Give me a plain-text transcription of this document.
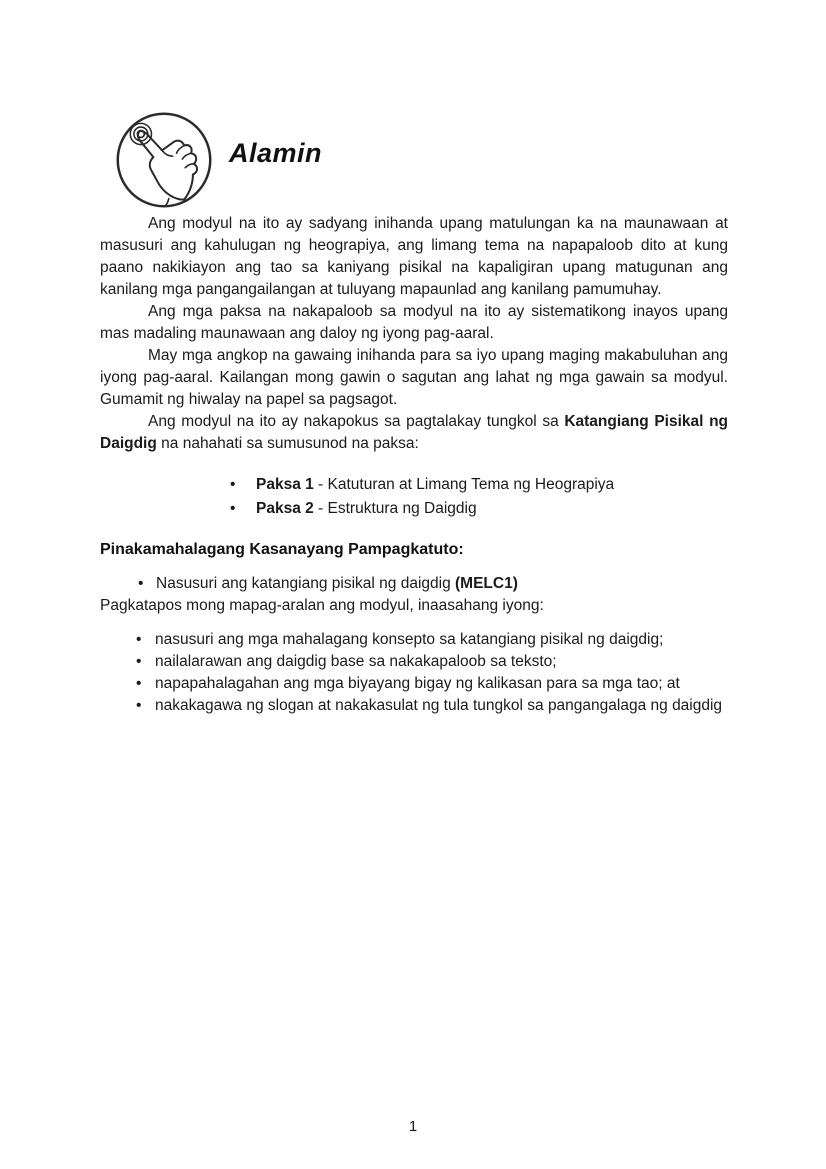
Alamin

Ang modyul na ito ay sadyang inihanda upang matulungan ka na maunawaan at masusuri ang kahulugan ng heograpiya, ang limang tema na napapaloob dito at kung paano nakikiayon ang tao sa kaniyang pisikal na kapaligiran upang matugunan ang kanilang mga pangangailangan at tuluyang mapaunlad ang kanilang pamumuhay.

Ang mga paksa na nakapaloob sa modyul na ito ay sistematikong inayos upang mas madaling maunawaan ang daloy ng iyong pag-aaral.

May mga angkop na gawaing inihanda para sa iyo upang maging makabuluhan ang iyong pag-aaral. Kailangan mong gawin o sagutan ang lahat ng mga gawain sa modyul. Gumamit ng hiwalay na papel sa pagsagot.

Ang modyul na ito ay nakapokus sa pagtalakay tungkol sa Katangiang Pisikal ng Daigdig na nahahati sa sumusunod na paksa:

• Paksa 1 - Katuturan at Limang Tema ng Heograpiya
• Paksa 2 - Estruktura ng Daigdig
Pinakamahalagang Kasanayang Pampagkatuto:
• Nasusuri ang katangiang pisikal ng daigdig (MELC1)

Pagkatapos mong mapag-aralan ang modyul, inaasahang iyong:

• nasusuri ang mga mahalagang konsepto sa katangiang pisikal ng daigdig;
• nailalarawan ang daigdig base sa nakakapaloob sa teksto;
• napapahalagahan ang mga biyayang bigay ng kalikasan para sa mga tao; at
• nakakagawa ng slogan at nakakasulat ng tula tungkol sa pangangalaga ng daigdig
1
